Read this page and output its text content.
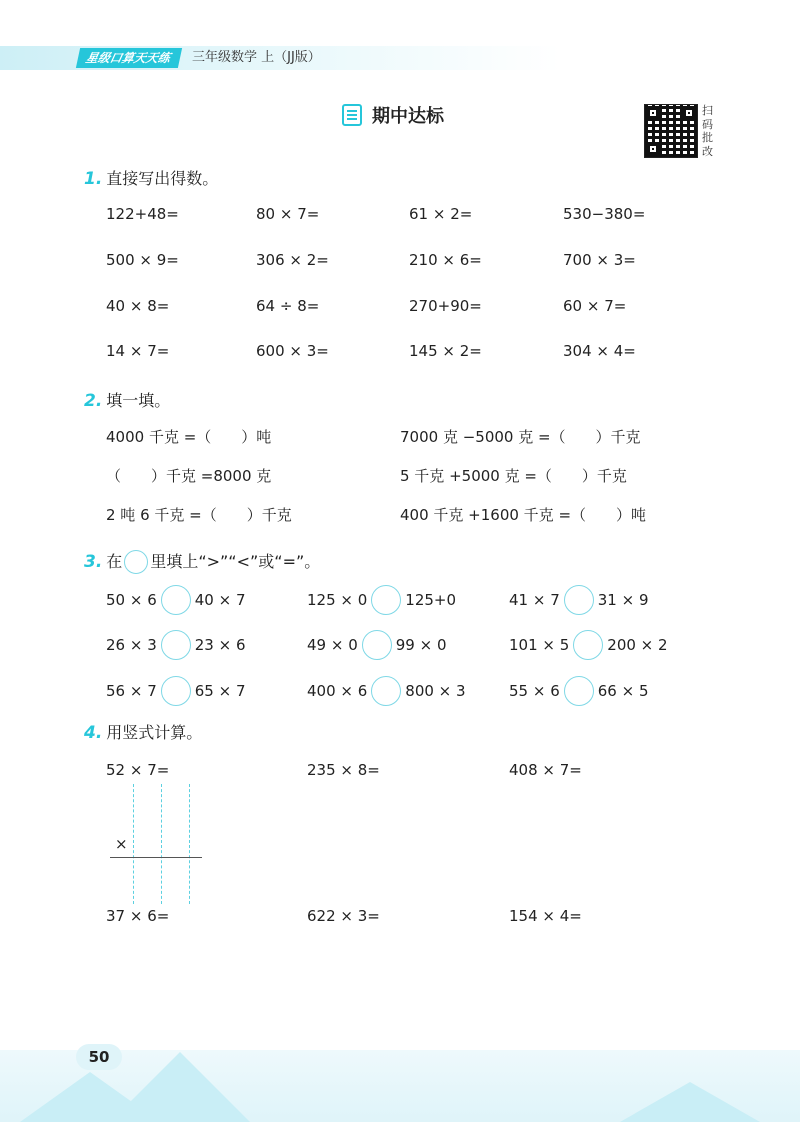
星级口算天天练	三年级数学 上（JJ版）
期中达标	扫码批改
1. 直接写出得数。
122+48=	80 × 7=	61 × 2=	530−380=
500 × 9=	306 × 2=	210 × 6=	700 × 3=
40 × 8=	64 ÷ 8=	270+90=	60 × 7=
14 × 7=	600 × 3=	145 × 2=	304 × 4=
2. 填一填。
4000 千克 =（　　）吨	7000 克 −5000 克 =（　　）千克
（　　）千克 =8000 克	5 千克 +5000 克 =（　　）千克
2 吨 6 千克 =（　　）千克	400 千克 +1600 千克 =（　　）吨
3. 在 里填上“>”“<”或“=”。
50 × 6	40 × 7	125 × 0	125+0	41 × 7	31 × 9
26 × 3	23 × 6	49 × 0	99 × 0	101 × 5	200 × 2
56 × 7	65 × 7	400 × 6	800 × 3	55 × 6	66 × 5
4. 用竖式计算。
52 × 7=	235 × 8=	408 × 7=
37 × 6=	622 × 3=	154 × 4=
×
50
